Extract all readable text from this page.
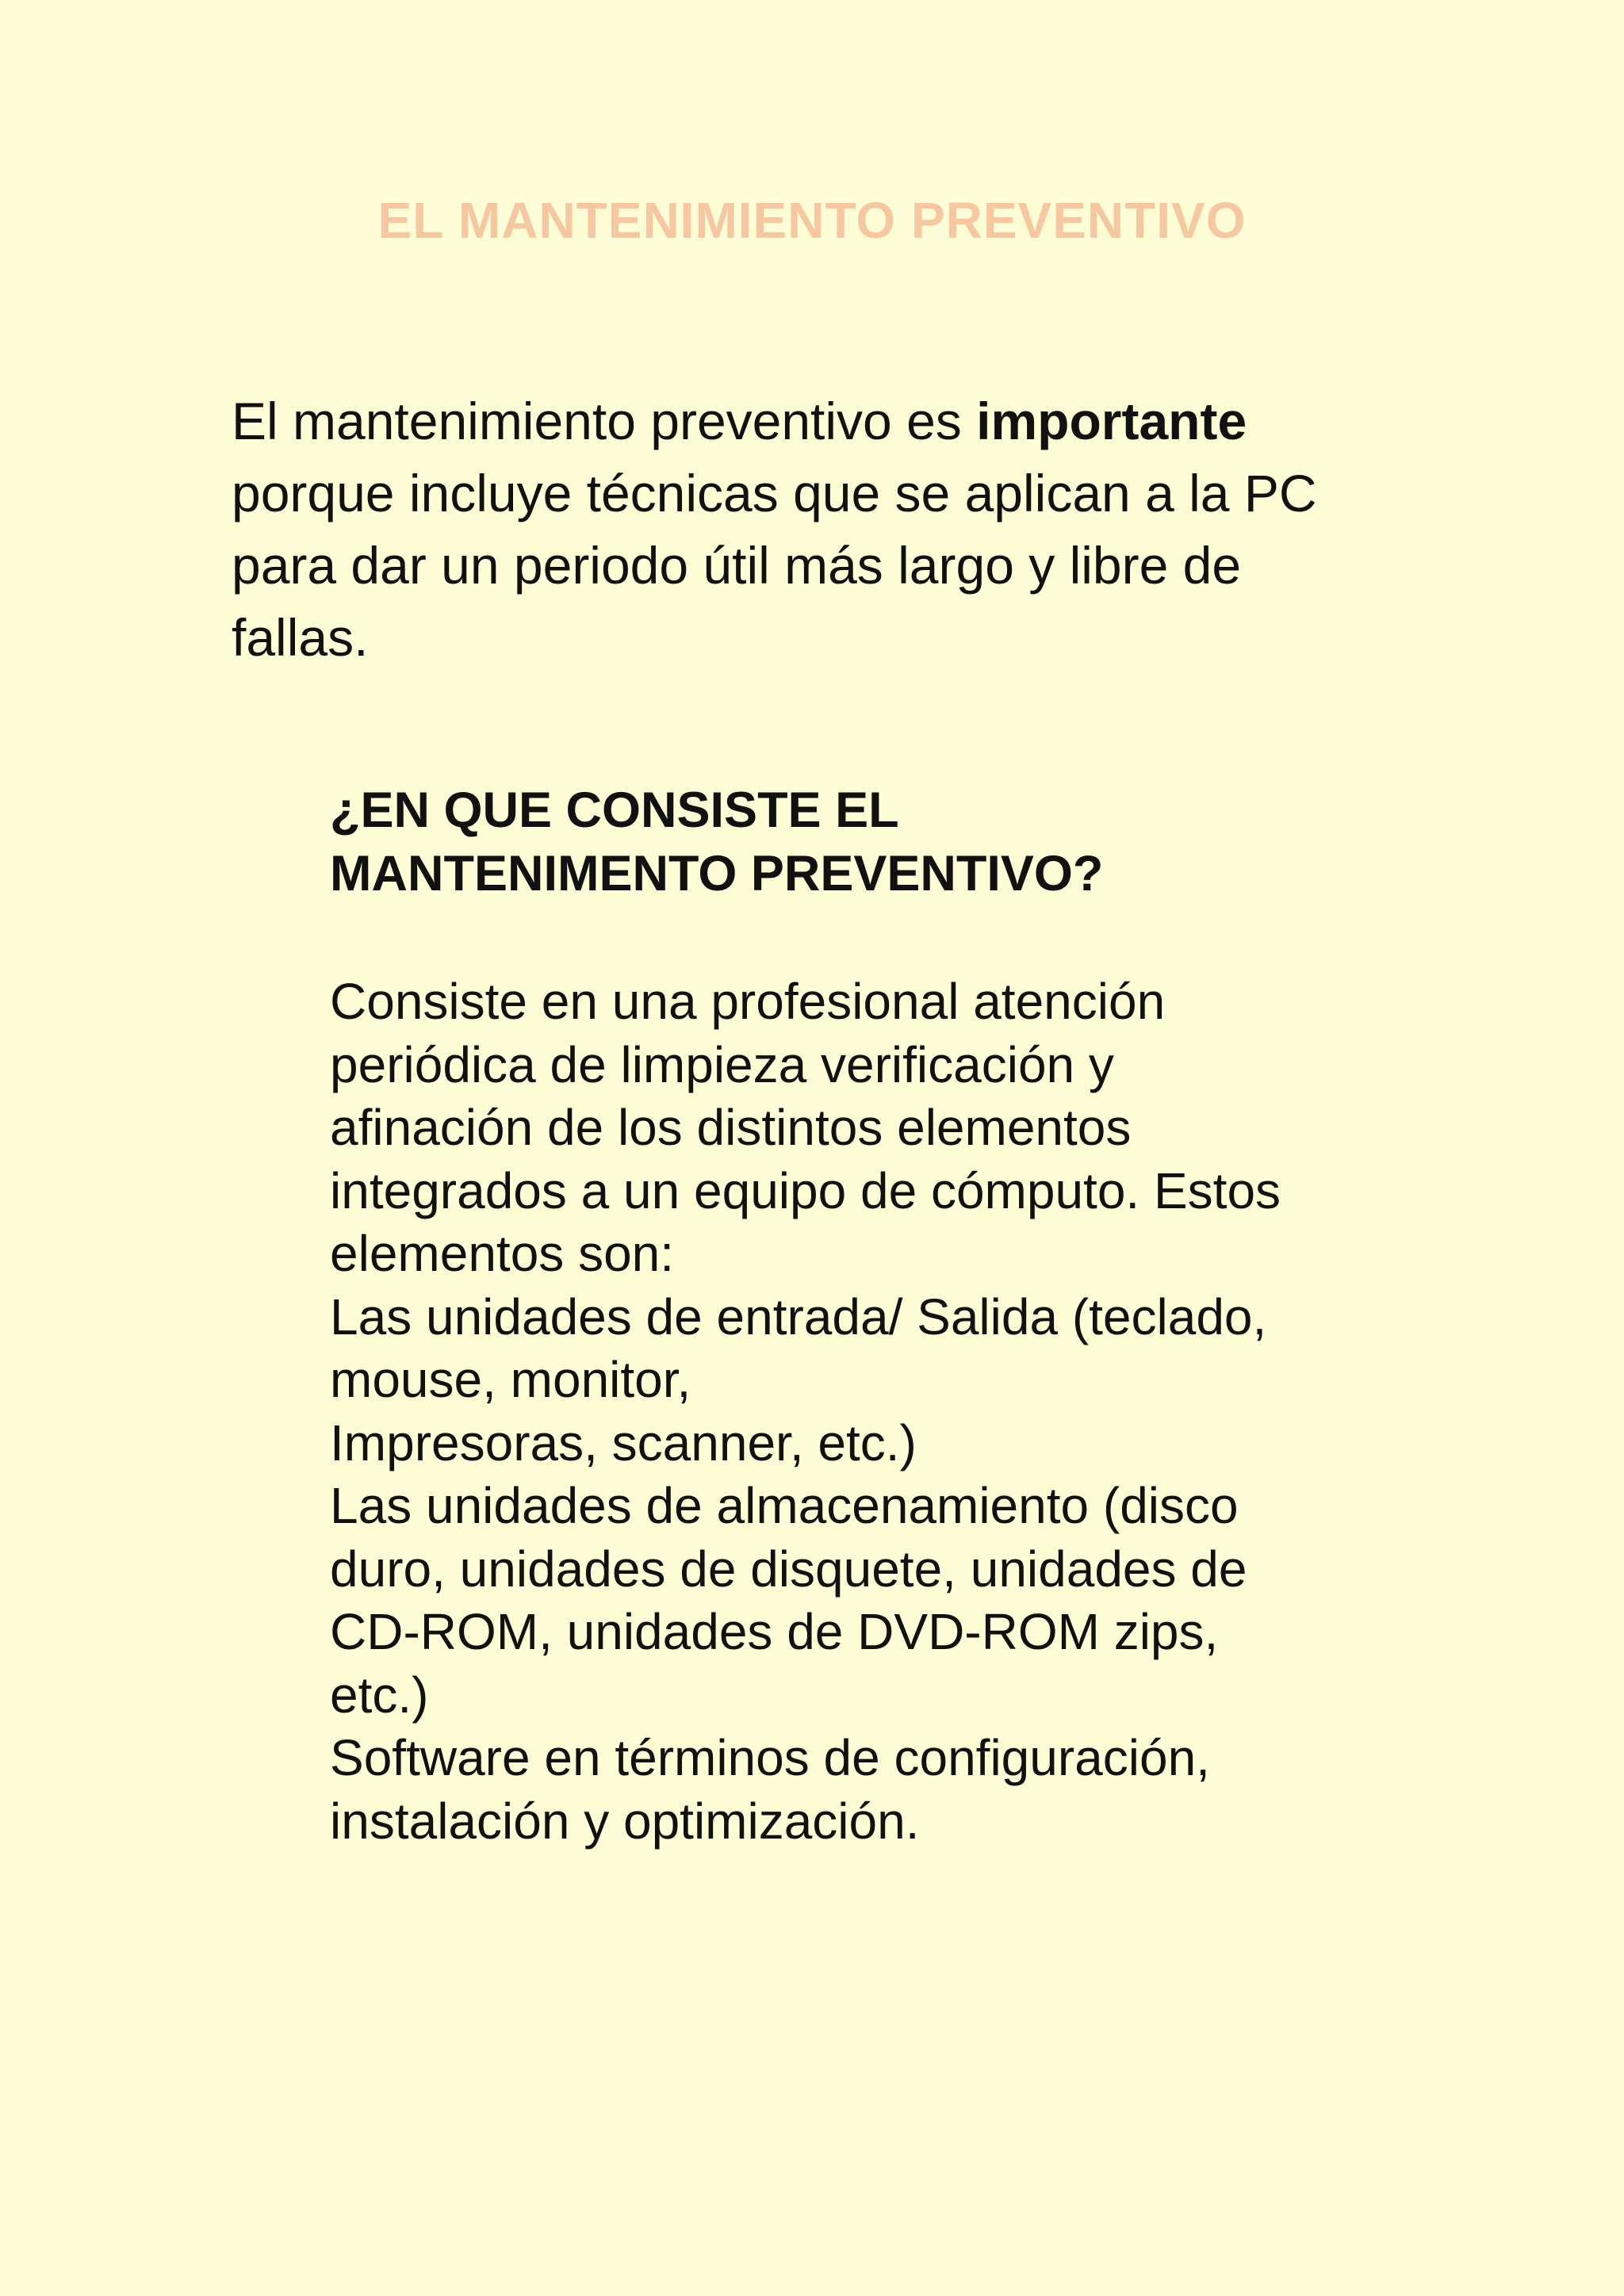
EL MANTENIMIENTO PREVENTIVO

El mantenimiento preventivo es importante
porque incluye técnicas que se aplican a la PC
para dar un periodo útil más largo y libre de
fallas.

¿EN QUE CONSISTE EL
MANTENIMENTO PREVENTIVO?

Consiste en una profesional atención
periódica de limpieza verificación y
afinación de los distintos elementos
integrados a un equipo de cómputo. Estos
elementos son:
Las unidades de entrada/ Salida (teclado,
mouse, monitor,
Impresoras, scanner, etc.)
Las unidades de almacenamiento (disco
duro, unidades de disquete, unidades de
CD-ROM, unidades de DVD-ROM zips,
etc.)
Software en términos de configuración,
instalación y optimización.
